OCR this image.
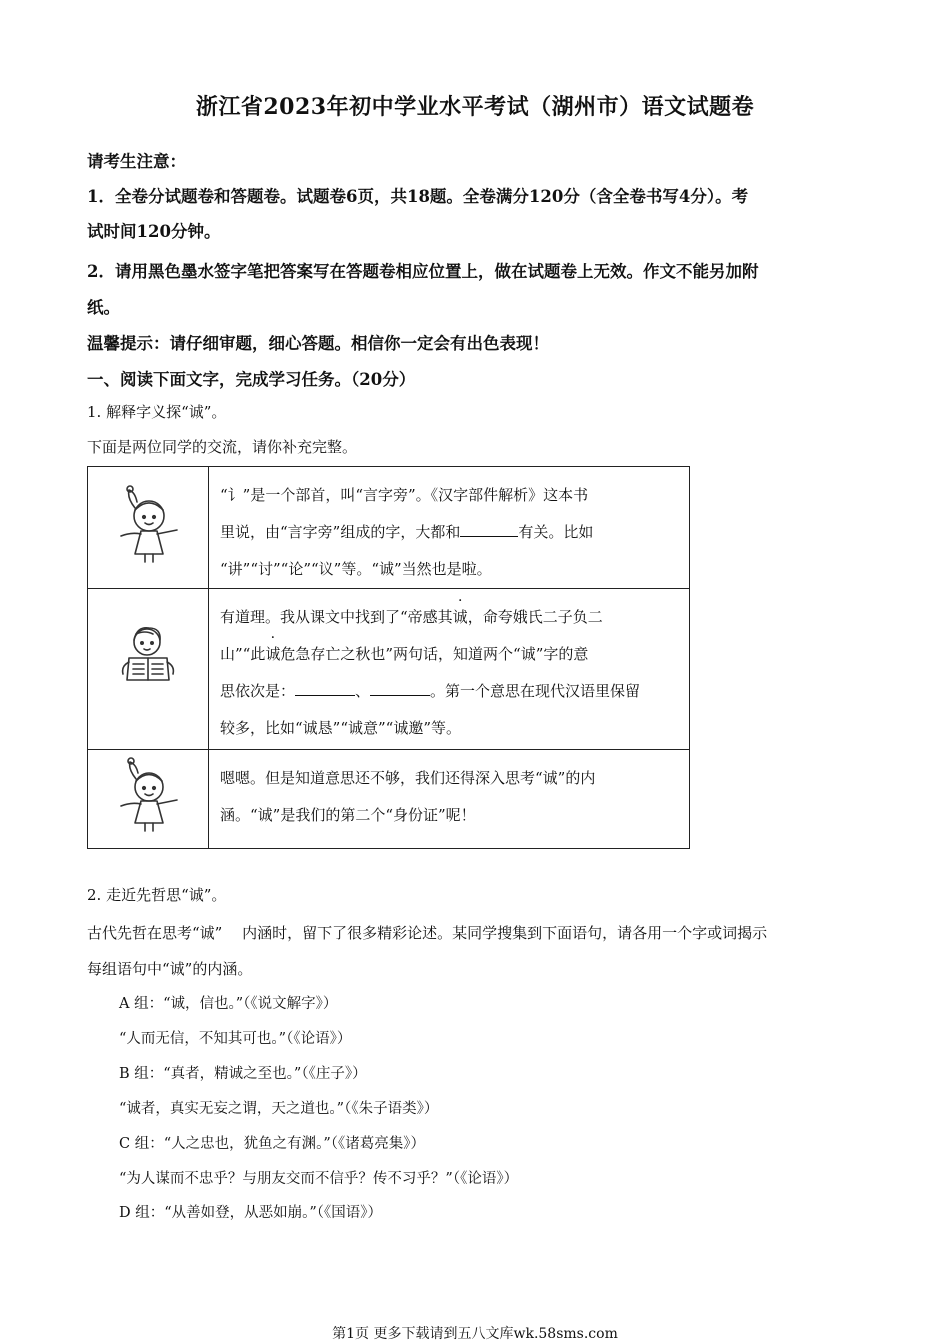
浙江省2023年初中学业水平考试（湖州市）语文试题卷
请考生注意：
1．全卷分试题卷和答题卷。试题卷6页，共18题。全卷满分120分（含全卷书写4分）。考
试时间120分钟。
2．请用黑色墨水签字笔把答案写在答题卷相应位置上，做在试题卷上无效。作文不能另加附
纸。
温馨提示：请仔细审题，细心答题。相信你一定会有出色表现！
一、阅读下面文字，完成学习任务。（20分）
1. 解释字义探“诚”。
下面是两位同学的交流，请你补充完整。

“讠”是一个部首，叫“言字旁”。《汉字部件解析》这本书
里说，由“言字旁”组成的字，大都和 有关。比如
“讲”“讨”“论”“议”等。“诚”当然也是啦。

有道理。我从课文中找到了“帝感其诚，命夸娥氏二子负二
山”“此诚危急存亡之秋也”两句话，知道两个“诚”字的意
思依次是： 、 。第一个意思在现代汉语里保留
较多，比如“诚恳”“诚意”“诚邀”等。

嗯嗯。但是知道意思还不够，我们还得深入思考“诚”的内
涵。“诚”是我们的第二个“身份证”呢！
2. 走近先哲思“诚”。
古代先哲在思考“诚”　 内涵时，留下了很多精彩论述。某同学搜集到下面语句，请各用一个字或词揭示
每组语句中“诚”的内涵。
A 组：“诚，信也。”（《说文解字》）
“人而无信，不知其可也。”（《论语》）
B 组：“真者，精诚之至也。”（《庄子》）
“诚者，真实无妄之谓，天之道也。”（《朱子语类》）
C 组：“人之忠也，犹鱼之有渊。”（《诸葛亮集》）
“为人谋而不忠乎？与朋友交而不信乎？传不习乎？”（《论语》）
D 组：“从善如登，从恶如崩。”（《国语》）
第1页 更多下载请到五八文库wk.58sms.com
